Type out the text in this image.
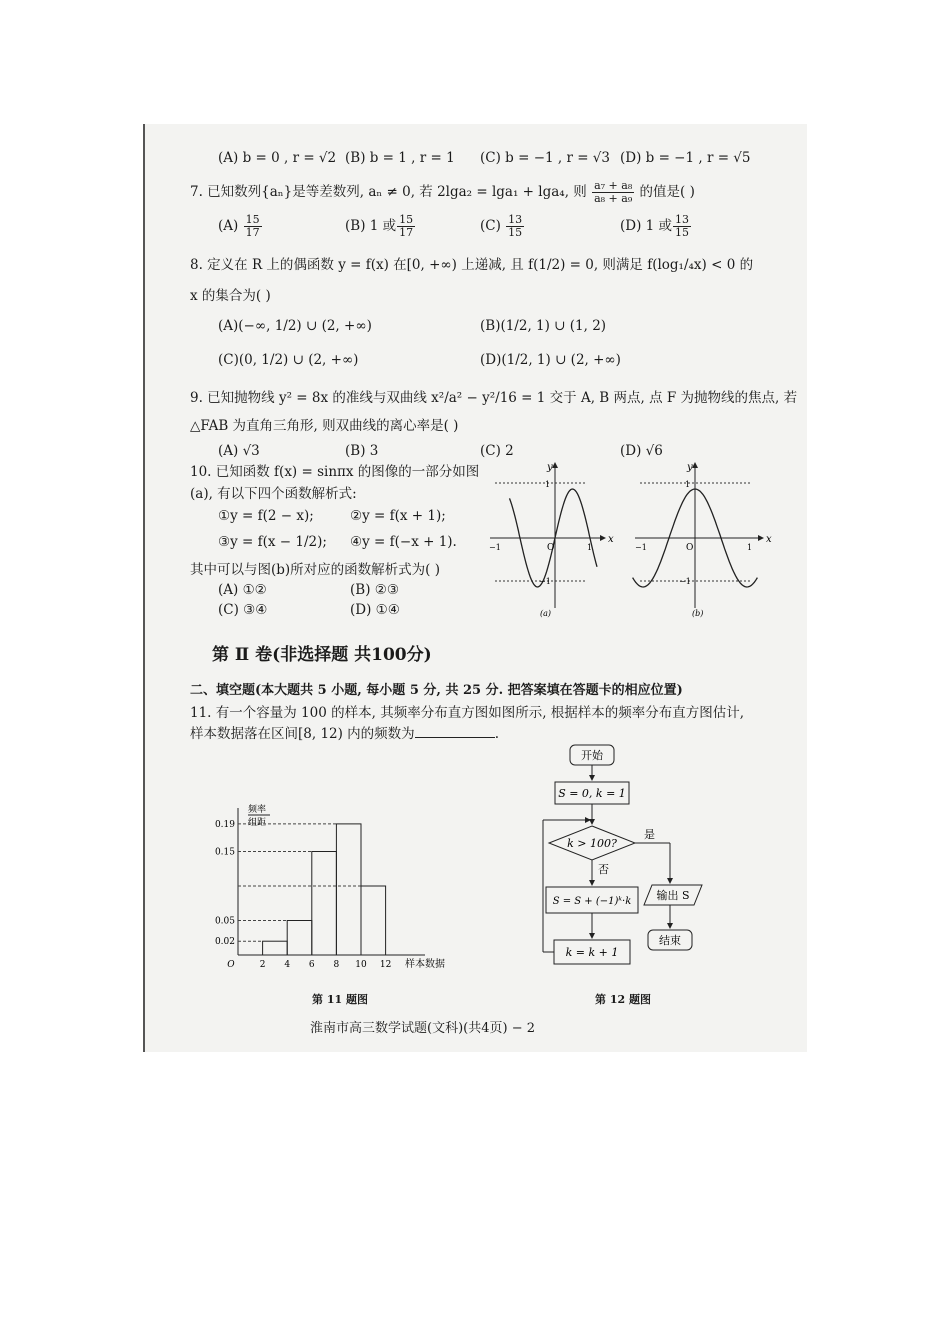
(A) b = 0 , r = √2 (B) b = 1 , r = 1 (C) b = −1 , r = √3 (D) b = −1 , r = √5
7. 已知数列{aₙ}是等差数列, aₙ ≠ 0, 若 2lga₂ = lga₁ + lga₄, 则 $\frac{\text{a₇ + a₈}}{\text{a₈ + a₉}}$ 的值是( )
$(A) \frac{15}{17}$	(B) 1 或 $\frac{15}{17}$	$(C) \frac{13}{15}$	(D) 1 或 $\frac{13}{15}$
8. 定义在 R 上的偶函数 y = f(x) 在[0, +∞) 上递减, 且 f(1/2) = 0, 则满足 f(log₁/₄x) < 0 的
x 的集合为( )
(A)(−∞, 1/2) ∪ (2, +∞)	(B)(1/2, 1) ∪ (1, 2)
(C)(0, 1/2) ∪ (2, +∞)	(D)(1/2, 1) ∪ (2, +∞)
9. 已知抛物线 y² = 8x 的准线与双曲线 x²/a² − y²/16 = 1 交于 A, B 两点, 点 F 为抛物线的焦点, 若
△FAB 为直角三角形, 则双曲线的离心率是( )
(A) √3	(B) 3	(C) 2	(D) √6
10. 已知函数 f(x) = sinπx 的图像的一部分如图
(a), 有以下四个函数解析式:
①y = f(2 − x);	②y = f(x + 1);
③y = f(x − 1/2); ④y = f(−x + 1).
其中可以与图(b)所对应的函数解析式为( )
(A) ①②	(B) ②③
(C) ③④	(D) ①④
x
y
O
−1	1
1
−1
(a)
x
y
O
−1	1
1
−1
(b)
第 Ⅱ 卷(非选择题 共100分)
二、填空题(本大题共 5 小题, 每小题 5 分, 共 25 分. 把答案填在答题卡的相应位置)
11. 有一个容量为 100 的样本, 其频率分布直方图如图所示, 根据样本的频率分布直方图估计,
样本数据落在区间[8, 12) 内的频数为	.
0.19
0.15
0.05
0.02
O	2 4 6 8 10 12 样本数据
频率
组距
第 11 题图
开始
S = 0, k = 1
k > 100?
是
否
S = S + (−1)ᵏ·k
k = k + 1
输出 S
结束
第 12 题图
淮南市高三数学试题(文科)(共4页) − 2
